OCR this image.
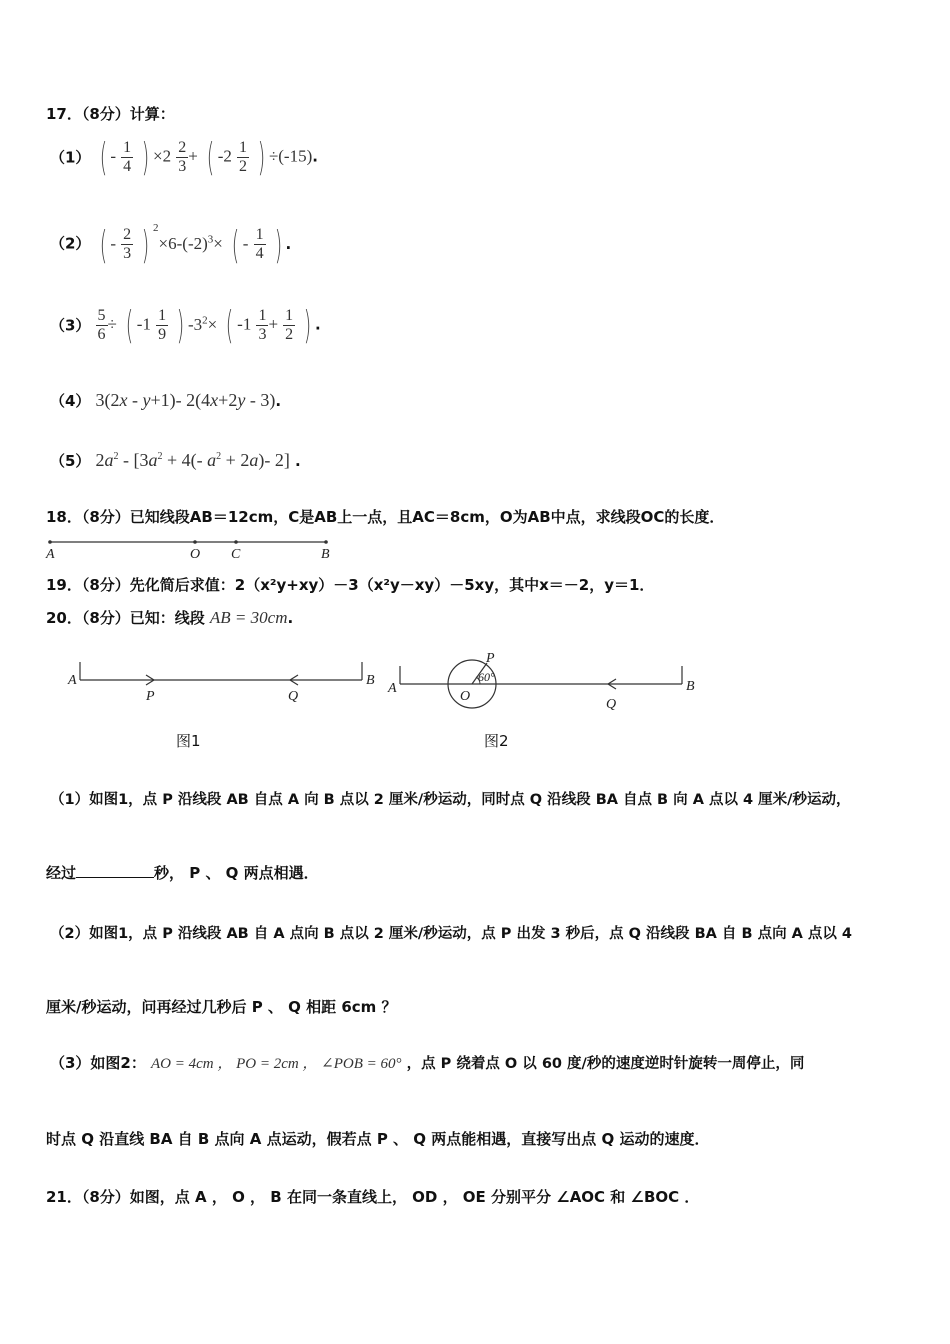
17．（8分）计算：
（1） ( - $\frac{1}{4}$ ) $\times 2 \frac{2}{3}$ + ( $-2 \frac{1}{2}$ ) ÷(-15).
（2） ( - $\frac{2}{3}$ ) $^2\times 6-(-2)^3\times$ ( - $\frac{1}{4}$ ) .
$(3) \frac{5}{6}$ ÷ ( $-1 \frac{1}{9}$ ) $-3^2\times$ ( $-1 \frac{1}{3} + \frac{1}{2}$ ) .
（4） 3(2x - y+1)- 2(4x+2y - 3).
（5） $2a^2 - [3a^2 + 4(-$ $a^2 + 2a)-$ 2] .
18．（8分）已知线段AB＝12cm，C是AB上一点，且AC＝8cm，O为AB中点，求线段OC的长度．
A	O C	B
19．（8分）先化简后求值：2（x²y+xy）－3（x²y－xy）－5xy，其中x＝－2，y＝1．
20．（8分）已知：线段 AB = 30cm.
A
P	Q
B
图1
A
O
P
60°
Q
B
图2
（1）如图1，点 P 沿线段 AB 自点 A 向 B 点以 2 厘米/秒运动，同时点 Q 沿线段 BA 自点 B 向 A 点以 4 厘米/秒运动，
经过	秒， P 、 Q 两点相遇．
（2）如图1，点 P 沿线段 AB 自 A 点向 B 点以 2 厘米/秒运动，点 P 出发 3 秒后，点 Q 沿线段 BA 自 B 点向 A 点以 4
厘米/秒运动，问再经过几秒后 P 、 Q 相距 6cm ？
（3）如图2： AO = 4cm ， PO = 2cm ， ∠POB = 60° ，点 P 绕着点 O 以 60 度/秒的速度逆时针旋转一周停止，同
时点 Q 沿直线 BA 自 B 点向 A 点运动，假若点 P 、 Q 两点能相遇，直接写出点 Q 运动的速度．
21．（8分）如图，点 A ， O ， B 在同一条直线上， OD ， OE 分别平分 ∠AOC 和 ∠BOC ．
